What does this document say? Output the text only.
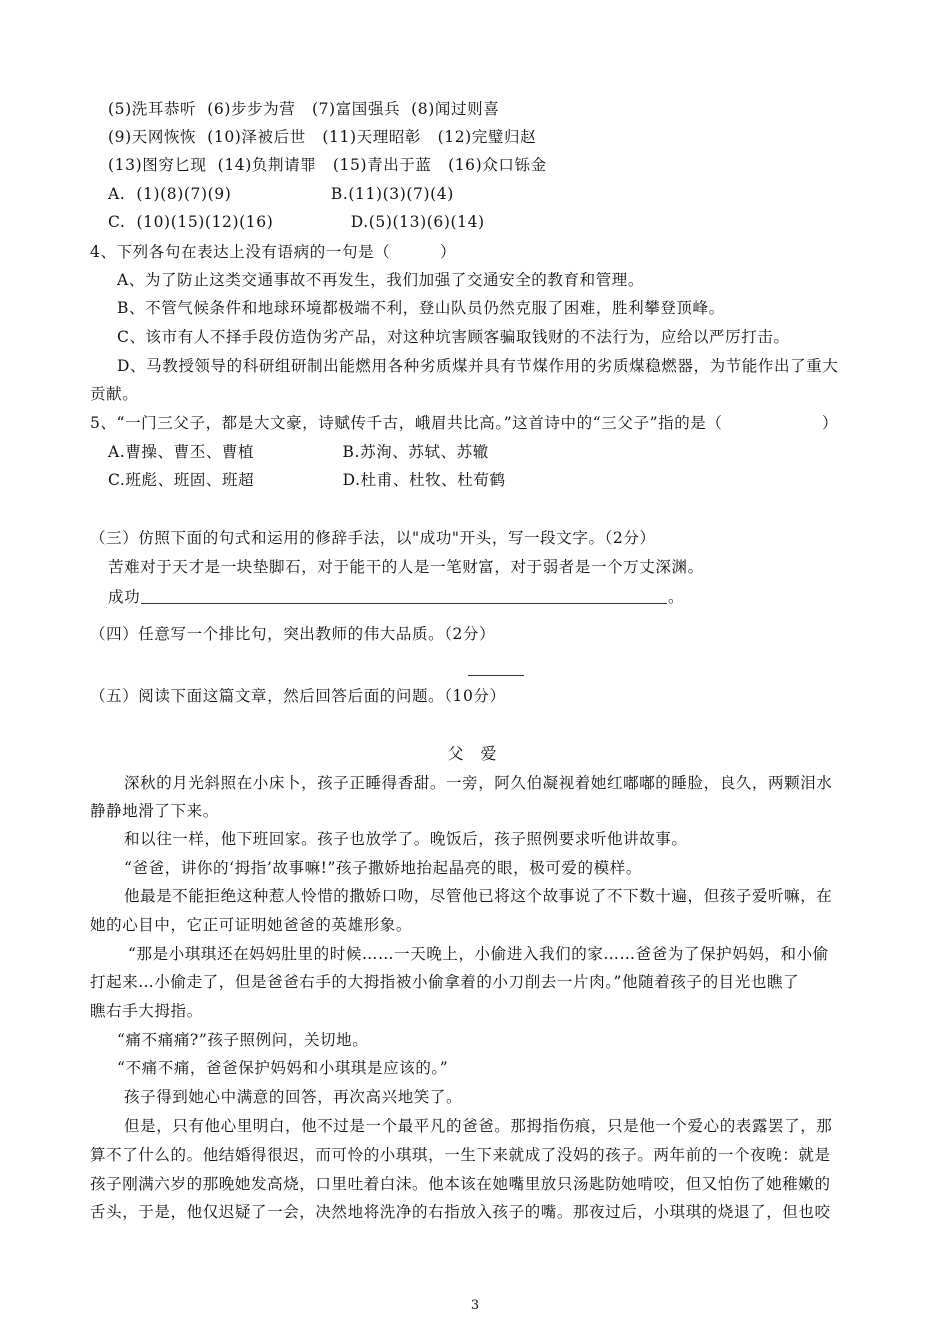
(5)洗耳恭听  (6)步步为营   (7)富国强兵  (8)闻过则喜
(9)天网恢恢  (10)泽被后世   (11)天理昭彰   (12)完璧归赵
(13)图穷匕现  (14)负荆请罪   (15)青出于蓝   (16)众口铄金
A.  (1)(8)(7)(9)                  B.(11)(3)(7)(4)
C.  (10)(15)(12)(16)              D.(5)(13)(6)(14)
4、下列各句在表达上没有语病的一句是（         ）
A、为了防止这类交通事故不再发生，我们加强了交通安全的教育和管理。
B、不管气候条件和地球环境都极端不利，登山队员仍然克服了困难，胜利攀登顶峰。
C、该市有人不择手段仿造伪劣产品，对这种坑害顾客骗取钱财的不法行为，应给以严厉打击。
D、马教授领导的科研组研制出能燃用各种劣质煤并具有节煤作用的劣质煤稳燃器，为节能作出了重大
贡献。
5、“一门三父子，都是大文豪，诗赋传千古，峨眉共比高。”这首诗中的“三父子”指的是（                  ）
A.曹操、曹丕、曹植                B.苏洵、苏轼、苏辙
C.班彪、班固、班超                D.杜甫、杜牧、杜荀鹤
（三）仿照下面的句式和运用的修辞手法，以"成功"开头，写一段文字。（2分）
苦难对于天才是一块垫脚石，对于能干的人是一笔财富，对于弱者是一个万丈深渊。
成功	。
（四）任意写一个排比句，突出教师的伟大品质。（2分）
（五）阅读下面这篇文章，然后回答后面的问题。（10分）
父 爱
深秋的月光斜照在小床卜，孩子正睡得香甜。一旁，阿久伯凝视着她红嘟嘟的睡脸，良久，两颗泪水
静静地滑了下来。
和以往一样，他下班回家。孩子也放学了。晚饭后，孩子照例要求听他讲故事。
“爸爸，讲你的‘拇指’故事嘛!”孩子撒娇地抬起晶亮的眼，极可爱的模样。
他最是不能拒绝这种惹人怜惜的撒娇口吻，尽管他已将这个故事说了不下数十遍，但孩子爱听嘛，在
她的心目中，它正可证明她爸爸的英雄形象。
“那是小琪琪还在妈妈肚里的时候……一天晚上，小偷进入我们的家……爸爸为了保护妈妈，和小偷
打起来…小偷走了，但是爸爸右手的大拇指被小偷拿着的小刀削去一片肉。”他随着孩子的目光也瞧了
瞧右手大拇指。
“痛不痛痛?”孩子照例问，关切地。
“不痛不痛，爸爸保护妈妈和小琪琪是应该的。”
孩子得到她心中满意的回答，再次高兴地笑了。
但是，只有他心里明白，他不过是一个最平凡的爸爸。那拇指伤痕，只是他一个爱心的表露罢了，那
算不了什么的。他结婚得很迟，而可怜的小琪琪，一生下来就成了没妈的孩子。两年前的一个夜晚：就是
孩子刚满六岁的那晚她发高烧，口里吐着白沫。他本该在她嘴里放只汤匙防她啃咬，但又怕伤了她稚嫩的
舌头，于是，他仅迟疑了一会，决然地将洗净的右指放入孩子的嘴。那夜过后，小琪琪的烧退了，但也咬
3
